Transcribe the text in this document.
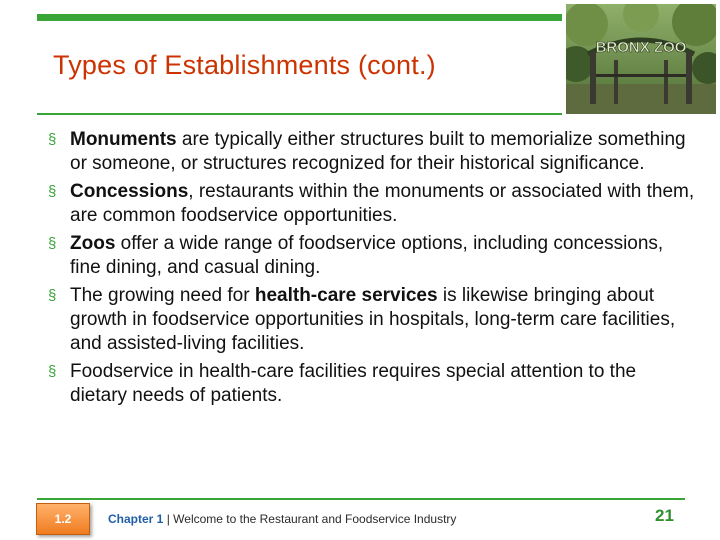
Types of Establishments (cont.)
BRONX ZOO
§ Monuments are typically either structures built to memorialize something or someone, or structures recognized for their historical significance.
§ Concessions, restaurants within the monuments or associated with them, are common foodservice opportunities.
§ Zoos offer a wide range of foodservice options, including concessions, fine dining, and casual dining.
§ The growing need for health-care services is likewise bringing about growth in foodservice opportunities in hospitals, long-term care facilities, and assisted-living facilities.
§ Foodservice in health-care facilities requires special attention to the dietary needs of patients.
1.2	Chapter 1 | Welcome to the Restaurant and Foodservice Industry	21
